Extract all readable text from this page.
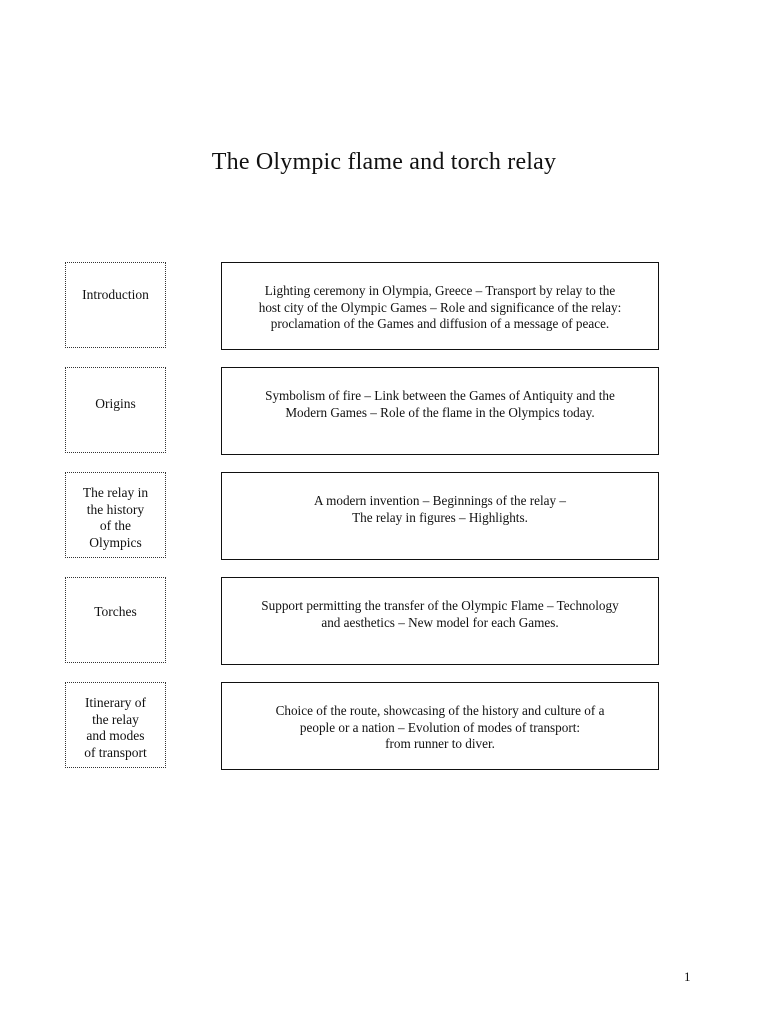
The Olympic flame and torch relay
Introduction	Lighting ceremony in Olympia, Greece – Transport by relay to the
host city of the Olympic Games – Role and significance of the relay:
proclamation of the Games and diffusion of a message of peace.
Origins
Symbolism of fire – Link between the Games of Antiquity and the
Modern Games – Role of the flame in the Olympics today.
The relay in
the history
of the
Olympics
A modern invention – Beginnings of the relay –
The relay in figures – Highlights.
Torches	Support permitting the transfer of the Olympic Flame – Technology
and aesthetics – New model for each Games.
Itinerary of
the relay
and modes
of transport
Choice of the route, showcasing of the history and culture of a
people or a nation – Evolution of modes of transport:
from runner to diver.
1
